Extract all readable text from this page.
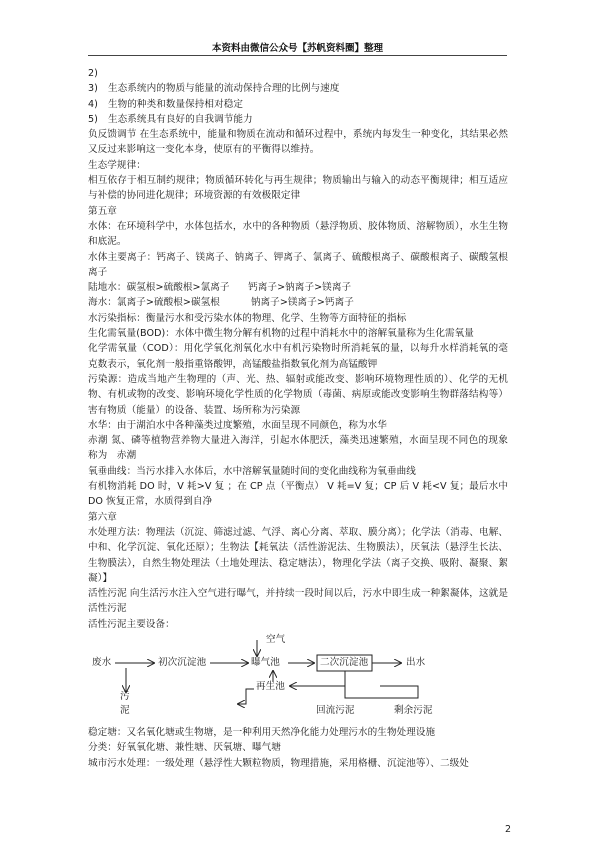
本资料由微信公众号【苏帆资料圈】整理

2)

3)	生态系统内的物质与能量的流动保持合理的比例与速度

4)	生物的种类和数量保持相对稳定

5)	生态系统具有良好的自我调节能力

负反馈调节 在生态系统中，能量和物质在流动和循环过程中，系统内每发生一种变化，其结果必然又反过来影响这一变化本身，使原有的平衡得以维持。

生态学规律：

相互依存于相互制约规律；物质循环转化与再生规律；物质输出与输入的动态平衡规律；相互适应与补偿的协同进化规律；环境资源的有效极限定律

第五章

水体：在环境科学中，水体包括水，水中的各种物质（悬浮物质、胶体物质、溶解物质），水生生物和底泥。

水体主要离子：钙离子、镁离子、钠离子、钾离子、氯离子、硫酸根离子、碳酸根离子、碳酸氢根离子

陆地水：碳氢根>硫酸根>氯离子      钙离子>钠离子>镁离子

海水：氯离子>硫酸根>碳氢根          钠离子>镁离子>钙离子

水污染指标：衡量污水和受污染水体的物理、化学、生物等方面特征的指标

生化需氧量(BOD)：水体中微生物分解有机物的过程中消耗水中的溶解氧量称为生化需氧量

化学需氧量（COD）：用化学氧化剂氧化水中有机污染物时所消耗氧的量，以每升水样消耗氧的毫克数表示，氧化剂一般指重铬酸钾，高锰酸盐指数氧化剂为高锰酸钾

污染源：造成当地产生物理的（声、光、热、辐射或能改变、影响环境物理性质的）、化学的无机物、有机或物的改变、影响环境化学性质的化学物质（毒菌、病原或能改变影响生物群落结构等）害有物质（能量）的设备、装置、场所称为污染源

水华：由于湖泊水中各种藻类过度繁殖，水面呈现不同颜色，称为水华

赤潮 氮、磷等植物营养物大量进入海洋，引起水体肥沃，藻类迅速繁殖，水面呈现不同色的现象 称为　赤潮

氧垂曲线：当污水排入水体后，水中溶解氧量随时间的变化曲线称为氧垂曲线

有机物消耗 DO 时，V 耗>V 复 ；在 CP 点（平衡点） V 耗=V 复；CP 后 V 耗<V 复；最后水中 DO 恢复正常，水质得到自净

第六章

水处理方法：物理法（沉淀、筛滤过滤、气浮、离心分离、萃取、膜分离）；化学法（消毒、电解、中和、化学沉淀、氧化还原）；生物法【耗氧法（活性游泥法、生物膜法），厌氧法（悬浮生长法、生物膜法），自然生物处理法（土地处理法、稳定塘法），物理化学法（离子交换、吸附、凝聚、絮凝）】

活性污泥 向生活污水注入空气进行曝气，并持续一段时间以后，污水中即生成一种絮凝体，这就是 活性污泥

活性污泥主要设备：

空气
废水	初次沉淀池	曝气池	二次沉淀池	出水
污泥
再生池
回流污泥	剩余污泥

稳定塘：又名氧化塘或生物塘，是一种利用天然净化能力处理污水的生物处理设施

分类：好氧氧化塘、兼性塘、厌氧塘、曝气塘

城市污水处理：一级处理（悬浮性大颗粒物质，物理措施，采用格栅、沉淀池等）、二级处

2
